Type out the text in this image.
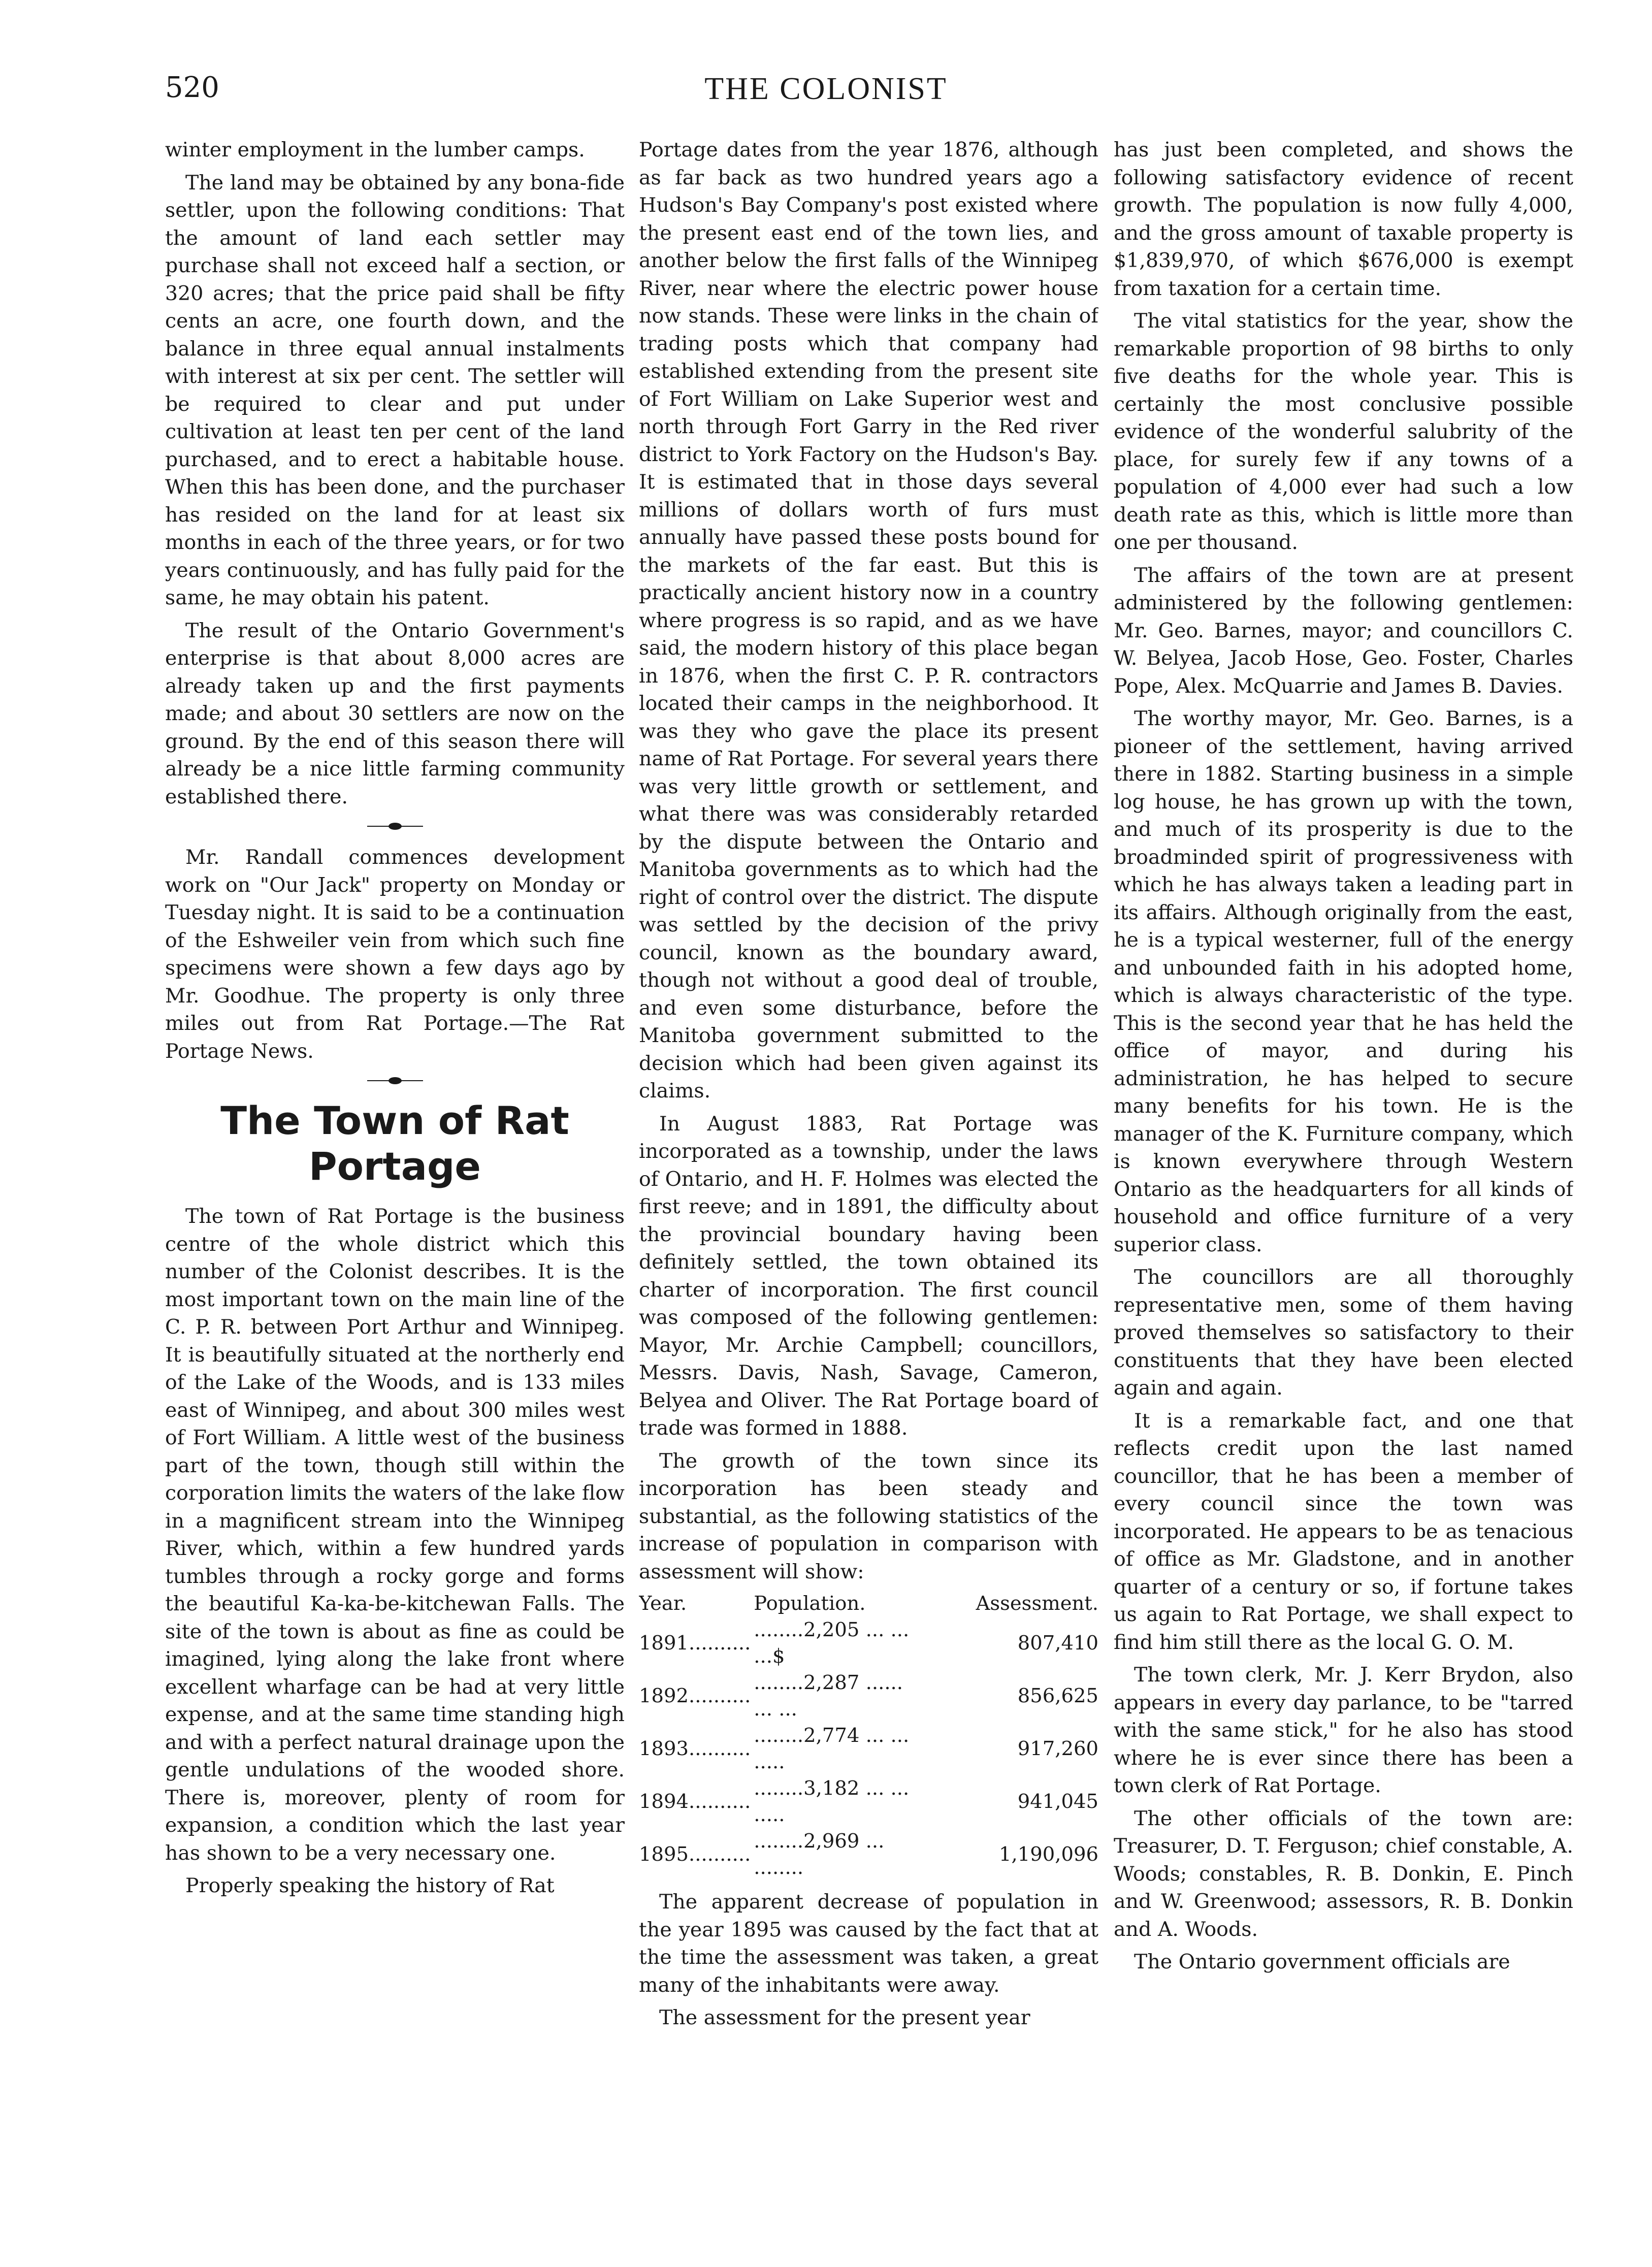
520	THE COLONIST

winter employment in the lumber camps.

The land may be obtained by any bona-fide settler, upon the following conditions: That the amount of land each settler may purchase shall not exceed half a section, or 320 acres; that the price paid shall be fifty cents an acre, one fourth down, and the balance in three equal annual instalments with interest at six per cent. The settler will be required to clear and put under cultivation at least ten per cent of the land purchased, and to erect a habitable house. When this has been done, and the purchaser has resided on the land for at least six months in each of the three years, or for two years continuously, and has fully paid for the same, he may obtain his patent.

The result of the Ontario Government's enterprise is that about 8,000 acres are already taken up and the first payments made; and about 30 settlers are now on the ground. By the end of this season there will already be a nice little farming community established there.

Mr. Randall commences development work on "Our Jack" property on Monday or Tuesday night. It is said to be a continuation of the Eshweiler vein from which such fine specimens were shown a few days ago by Mr. Goodhue. The property is only three miles out from Rat Portage.—The Rat Portage News.

The Town of Rat
Portage

The town of Rat Portage is the business centre of the whole district which this number of the Colonist describes. It is the most important town on the main line of the C. P. R. between Port Arthur and Winnipeg. It is beautifully situated at the northerly end of the Lake of the Woods, and is 133 miles east of Winnipeg, and about 300 miles west of Fort William. A little west of the business part of the town, though still within the corporation limits the waters of the lake flow in a magnificent stream into the Winnipeg River, which, within a few hundred yards tumbles through a rocky gorge and forms the beautiful Ka-ka-be-kitchewan Falls. The site of the town is about as fine as could be imagined, lying along the lake front where excellent wharfage can be had at very little expense, and at the same time standing high and with a perfect natural drainage upon the gentle undulations of the wooded shore. There is, moreover, plenty of room for expansion, a condition which the last year has shown to be a very necessary one.

Properly speaking the history of Rat

Portage dates from the year 1876, although as far back as two hundred years ago a Hudson's Bay Company's post existed where the present east end of the town lies, and another below the first falls of the Winnipeg River, near where the electric power house now stands. These were links in the chain of trading posts which that company had established extending from the present site of Fort William on Lake Superior west and north through Fort Garry in the Red river district to York Factory on the Hudson's Bay. It is estimated that in those days several millions of dollars worth of furs must annually have passed these posts bound for the markets of the far east. But this is practically ancient history now in a country where progress is so rapid, and as we have said, the modern history of this place began in 1876, when the first C. P. R. contractors located their camps in the neighborhood. It was they who gave the place its present name of Rat Portage. For several years there was very little growth or settlement, and what there was was considerably retarded by the dispute between the Ontario and Manitoba governments as to which had the right of control over the district. The dispute was settled by the decision of the privy council, known as the boundary award, though not without a good deal of trouble, and even some disturbance, before the Manitoba government submitted to the decision which had been given against its claims.

In August 1883, Rat Portage was incorporated as a township, under the laws of Ontario, and H. F. Holmes was elected the first reeve; and in 1891, the difficulty about the provincial boundary having been definitely settled, the town obtained its charter of incorporation. The first council was composed of the following gentlemen: Mayor, Mr. Archie Campbell; councillors, Messrs. Davis, Nash, Savage, Cameron, Belyea and Oliver. The Rat Portage board of trade was formed in 1888.

The growth of the town since its incorporation has been steady and substantial, as the following statistics of the increase of population in comparison with assessment will show:

Year.	Population.	Assessment.
1891..........	........2,205 ... ... ...$	807,410
1892..........	........2,287 ...... ... ...	856,625
1893..........	........2,774 ... ... .....	917,260
1894..........	........3,182 ... ... .....	941,045
1895..........	........2,969 ... ........	1,190,096

The apparent decrease of population in the year 1895 was caused by the fact that at the time the assessment was taken, a great many of the inhabitants were away.

The assessment for the present year

has just been completed, and shows the following satisfactory evidence of recent growth. The population is now fully 4,000, and the gross amount of taxable property is $1,839,970, of which $676,000 is exempt from taxation for a certain time.

The vital statistics for the year, show the remarkable proportion of 98 births to only five deaths for the whole year. This is certainly the most conclusive possible evidence of the wonderful salubrity of the place, for surely few if any towns of a population of 4,000 ever had such a low death rate as this, which is little more than one per thousand.

The affairs of the town are at present administered by the following gentlemen: Mr. Geo. Barnes, mayor; and councillors C. W. Belyea, Jacob Hose, Geo. Foster, Charles Pope, Alex. McQuarrie and James B. Davies.

The worthy mayor, Mr. Geo. Barnes, is a pioneer of the settlement, having arrived there in 1882. Starting business in a simple log house, he has grown up with the town, and much of its prosperity is due to the broadminded spirit of progressiveness with which he has always taken a leading part in its affairs. Although originally from the east, he is a typical westerner, full of the energy and unbounded faith in his adopted home, which is always characteristic of the type. This is the second year that he has held the office of mayor, and during his administration, he has helped to secure many benefits for his town. He is the manager of the K. Furniture company, which is known everywhere through Western Ontario as the headquarters for all kinds of household and office furniture of a very superior class.

The councillors are all thoroughly representative men, some of them having proved themselves so satisfactory to their constituents that they have been elected again and again.

It is a remarkable fact, and one that reflects credit upon the last named councillor, that he has been a member of every council since the town was incorporated. He appears to be as tenacious of office as Mr. Gladstone, and in another quarter of a century or so, if fortune takes us again to Rat Portage, we shall expect to find him still there as the local G. O. M.

The town clerk, Mr. J. Kerr Brydon, also appears in every day parlance, to be "tarred with the same stick," for he also has stood where he is ever since there has been a town clerk of Rat Portage.

The other officials of the town are: Treasurer, D. T. Ferguson; chief constable, A. Woods; constables, R. B. Donkin, E. Pinch and W. Greenwood; assessors, R. B. Donkin and A. Woods.

The Ontario government officials are
